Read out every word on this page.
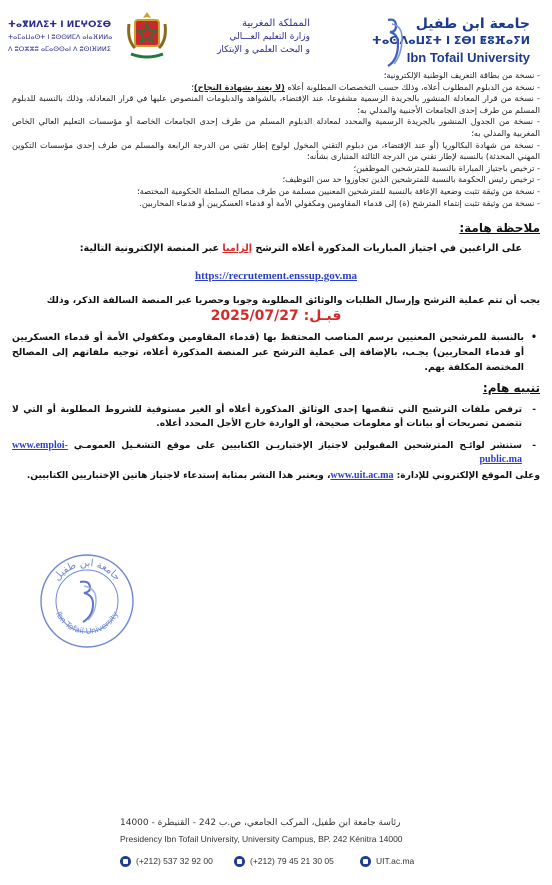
ⵜⴰⴳⵍⴷⵉⵜ ⵏ ⵍⵎⵖⵔⵉⴱ
ⵜⴰⵎⴰⵡⴰⵙⵜ ⵏ ⵓⵙⵙⵍⵎⴷ ⴰⵏⴰⴼⵍⵍⴰ
ⴷ ⵓⵔⵣⵣⵓ ⴰⵎⴰⵙⵙⴰⵏ ⴷ ⵓⵙⵏⴼⵍⵍⵉ
المملكة المغربية
وزارة التعليم العـــالي
و البحث العلمي و الإبتكار
جامعة ابن طفيل
ⵜⴰⵙⴷⴰⵡⵉⵜ ⵏ ⵉⴱⵏ ⵟⵓⴼⴰⵢⵍ
Ibn Tofail University
- نسخة من بطاقة التعريف الوطنية الإلكترونية؛
- نسخة من الدبلوم المطلوب أعلاه، وذلك حسب التخصصات المطلوبة أعلاه (لا يعتد بشهادة النجاح)؛
- نسخة من قرار المعادلة المنشور بالجريدة الرسمية مشفوعا، عند الإقتضاء، بالشواهد والدبلومات المنصوص عليها في قرار المعادلة، وذلك بالنسبة للدبلوم المسلم من طرف إحدى الجامعات الأجنبية والمدلي به؛
- نسخة من الجدول المنشور بالجريدة الرسمية والمحدد لمعادلة الدبلوم المسلم من طرف إحدى الجامعات الخاصة أو مؤسسات التعليم العالي الخاص المغربية والمدلي به؛
- نسخة من شهادة البكالوريا (أو عند الإقتضاء، من دبلوم التقني المخول لولوج إطار تقني من الدرجة الرابعة والمسلم من طرف إحدى مؤسسات التكوين المهني المحدثة) بالنسبة لإطار تقني من الدرجة الثالثة المتبارى بشأنه؛
- ترخيص باجتياز المباراة بالنسبة للمترشحين الموظفين؛
- ترخيص رئيس الحكومة بالنسبة للمترشحين الذين تجاوزوا حد سن التوظيف؛
- نسخة من وثيقة تثبت وضعية الإعاقة بالنسبة للمترشحين المعنيين مسلمة من طرف مصالح السلطة الحكومية المختصة؛
- نسخة من وثيقة تثبت إنتماء المترشح (ة) إلى قدماء المقاومين ومكفولي الأمة أو قدماء العسكريين أو قدماء المحاربين.
ملاحظة هامة:
على الراغبين في اجتياز المباريات المذكورة أعلاه الترشح إلزاميا عبر المنصة الإلكترونية التالية:
https://recrutement.enssup.gov.ma
يجب أن تتم عملية الترشح وإرسال الطلبات والوثائق المطلوبة وجوبا وحصريا عبر المنصة السالفة الذكر، وذلك
قبـل: 2025/07/27
• بالنسبة للمرشحين المعنيين برسم المناصب المحتفظ بها (قدماء المقاومين ومكفولي الأمة أو قدماء العسكريين أو قدماء المحاربين) يجـب، بالإضافة إلى عملية الترشح عبر المنصة المذكورة أعلاه، توجيه ملفاتهم إلى المصالح المختصة المكلفة بهم.
تنبيه هام:
-
ترفض ملفات الترشيح التي تنقصها إحدى الوثائق المذكورة أعلاه أو الغير مستوفية للشروط المطلوبة أو التي لا تتضمن تصريحات أو بيانات أو معلومات صحيحة، أو الواردة خارج الأجل المحدد أعلاه.
-
ستنشر لوائـح المترشحين المقبولين لاجتياز الإختباريـن الكتابيين على موقع التشغـيل العمومـي www.emploi-public.ma
وعلى الموقع الإلكتروني للإدارة: www.uit.ac.ma، ويعتبر هذا النشر بمثابة إستدعاء لاجتياز هاتين الإختباريين الكتابيين.
جامعة ابن طفيل
Ibn Tofail University
رئاسة جامعة ابن طفيل، المركب الجامعي، ص.ب 242 - القنيطرة - 14000
Presidency Ibn Tofail University, University Campus, BP. 242 Kénitra 14000
(+212) 537 32 92 00	(+212) 79 45 21 30 05	UIT.ac.ma
